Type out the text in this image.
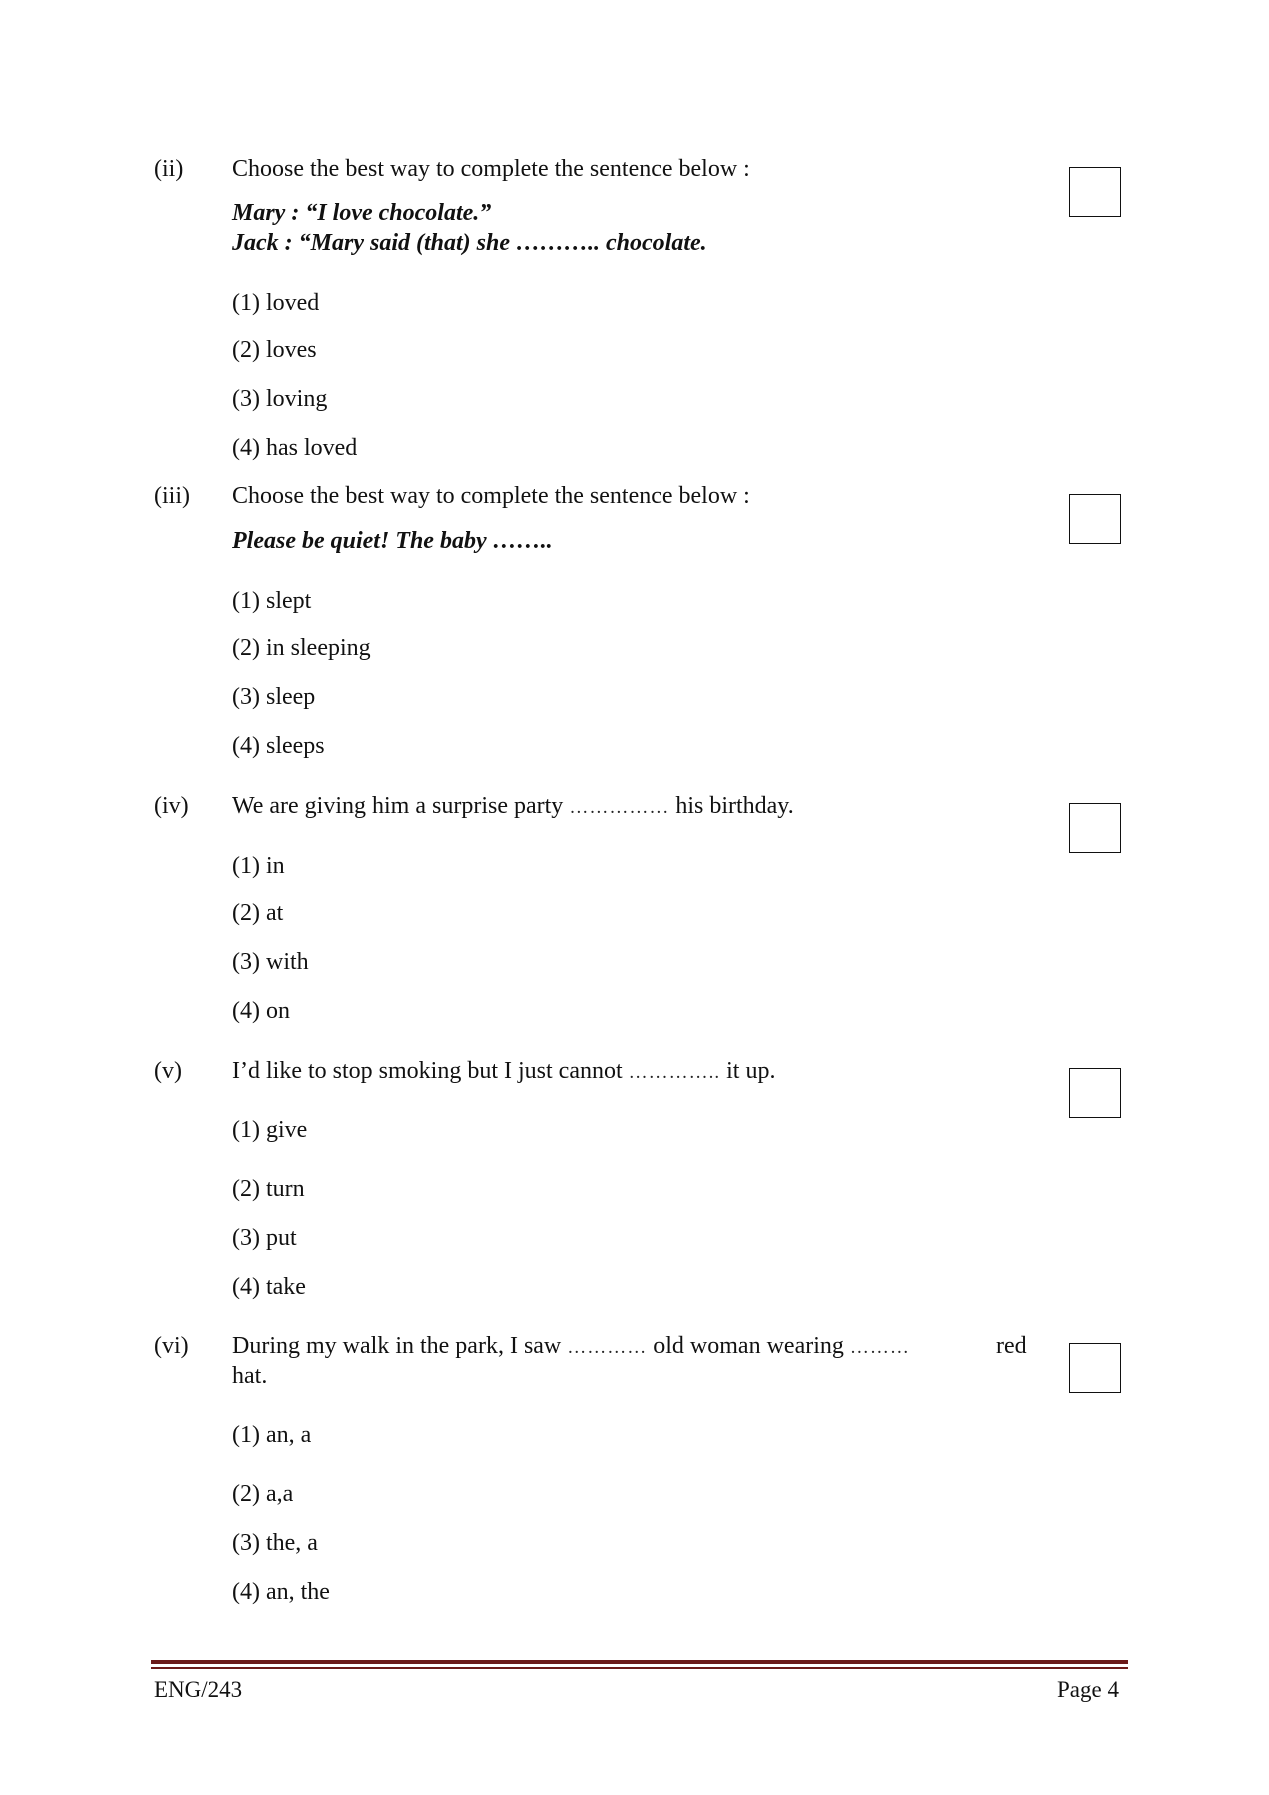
(ii) Choose the best way to complete the sentence below :
Mary : “I love chocolate.”
Jack : “Mary said (that) she ……….. chocolate.
(1) loved
(2) loves
(3) loving
(4) has loved
(iii) Choose the best way to complete the sentence below :
Please be quiet! The baby ……..
(1) slept
(2) in sleeping
(3) sleep
(4) sleeps
(iv) We are giving him a surprise party …………… his birthday.
(1) in
(2) at
(3) with
(4) on
(v) I’d like to stop smoking but I just cannot ………….. it up.
(1) give
(2) turn
(3) put
(4) take
(vi) During my walk in the park, I saw ………… old woman wearing ………	red
hat.
(1) an, a
(2) a,a
(3) the, a
(4) an, the
ENG/243	Page 4
